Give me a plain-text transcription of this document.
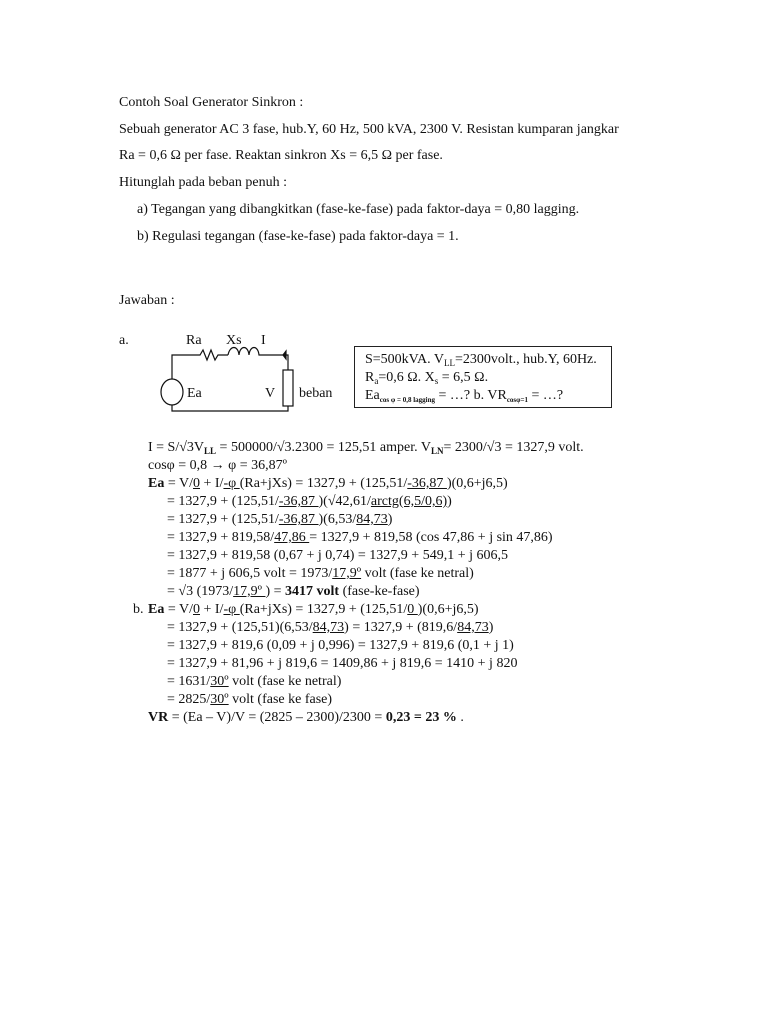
Contoh Soal Generator Sinkron :
Sebuah generator AC 3 fase, hub.Y, 60 Hz, 500 kVA, 2300 V. Resistan kumparan jangkar
Ra = 0,6 Ω per fase. Reaktan sinkron Xs = 6,5 Ω per fase.
Hitunglah pada beban penuh :
a) Tegangan yang dibangkitkan (fase-ke-fase) pada faktor-daya = 0,80 lagging.
b) Regulasi tegangan (fase-ke-fase) pada faktor-daya = 1.
Jawaban :
a.	Ra Xs I
Ea	V beban
S=500kVA. $V_{LL}=2300volt$., hub.Y, 60Hz.
$R_a=0,6$ Ω. $X_s = 6,5$ Ω.
$Ea_{cos \varphi = 0,8 lagging}$ = …? b. $VR_{cos\varphi=1}$ = …?
$I = S/√3V_{LL} = 500000/√3.2300 = 125,51$ amper. $V_{LN}= 2300/√3 = 1327,9$ volt.
cosφ = 0,8 → φ = 36,87º
Ea = V/0 + I/-φ (Ra+jXs) = 1327,9 + (125,51/-36,87 )(0,6+j6,5)
= 1327,9 + (125,51/-36,87 )(√42,61/arctg(6,5/0,6))
= 1327,9 + (125,51/-36,87 )(6,53/84,73)
= 1327,9 + 819,58/47,86 = 1327,9 + 819,58 (cos 47,86 + j sin 47,86)
= 1327,9 + 819,58 (0,67 + j 0,74) = 1327,9 + 549,1 + j 606,5
= 1877 + j 606,5 volt = 1973/17,9º volt (fase ke netral)
= √3 (1973/17,9º ) = 3417 volt (fase-ke-fase)
b. Ea = V/0 + I/-φ (Ra+jXs) = 1327,9 + (125,51/0 )(0,6+j6,5)
= 1327,9 + (125,51)(6,53/84,73) = 1327,9 + (819,6/84,73)
= 1327,9 + 819,6 (0,09 + j 0,996) = 1327,9 + 819,6 (0,1 + j 1)
= 1327,9 + 81,96 + j 819,6 = 1409,86 + j 819,6 = 1410 + j 820
= 1631/30º volt (fase ke netral)
= 2825/30º volt (fase ke fase)
VR = (Ea – V)/V = (2825 – 2300)/2300 = 0,23 = 23 % .
